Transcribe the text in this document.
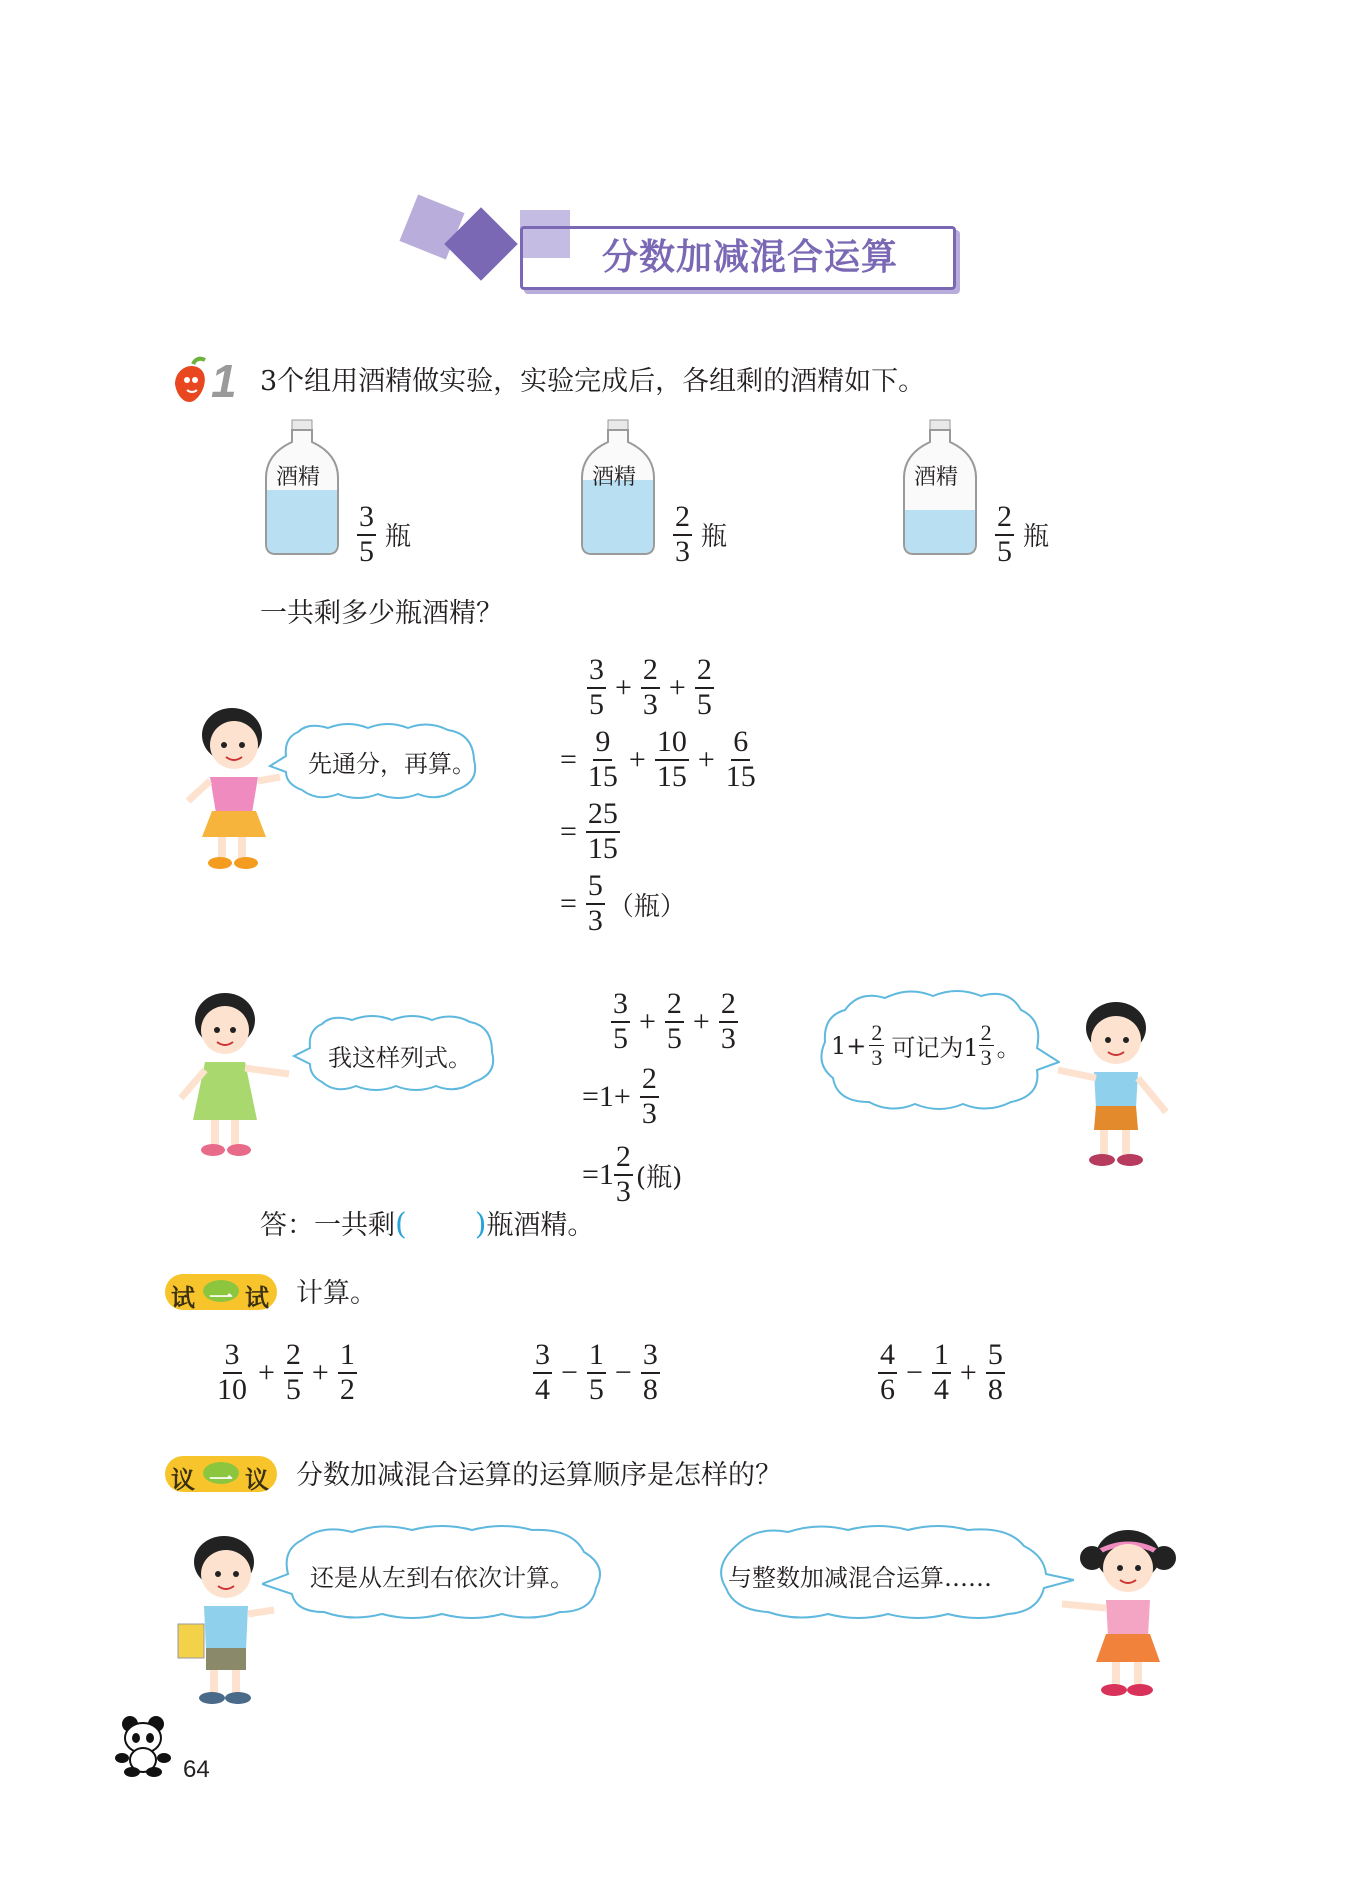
分数加减混合运算
1 3个组用酒精做实验，实验完成后，各组剩的酒精如下。
酒精
$\frac{3}{5}$ 瓶
酒精
$\frac{2}{3}$ 瓶
酒精
$\frac{2}{5}$ 瓶
一共剩多少瓶酒精？
先通分，再算。
$\frac{3}{5} + \frac{2}{3} + \frac{2}{5}$
= $\frac{9}{15} + \frac{10}{15} + \frac{6}{15}$
= $\frac{25}{15}$
= $\frac{5}{3}$ （瓶）
我这样列式。
$\frac{3}{5} + \frac{2}{5} + \frac{2}{3}$
$=1+ \frac{2}{3}$
$=1 \frac{2}{3}$ (瓶)
$1+ \frac{2}{3}$ 可记为$1 \frac{2}{3}$ 。
答：一共剩 ( ) 瓶酒精。
试 一 试 计算。
$\frac{3}{10} + \frac{2}{5} + \frac{1}{2}$	$\frac{3}{4} - \frac{1}{5} - \frac{3}{8}$	$\frac{4}{6} - \frac{1}{4} + \frac{5}{8}$
议 一 议 分数加减混合运算的运算顺序是怎样的？
还是从左到右依次计算。	与整数加减混合运算……
64
